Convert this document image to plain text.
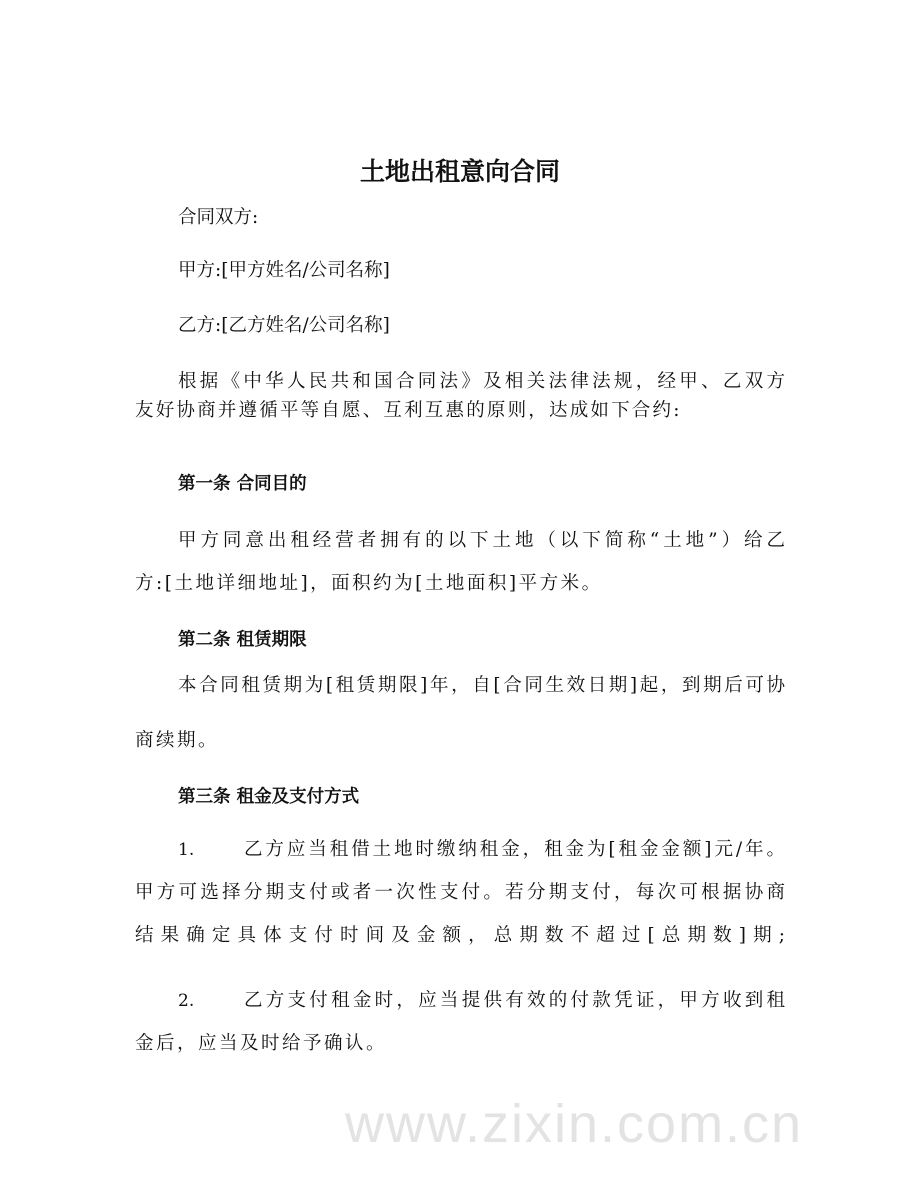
www.zixin.com.cn
土地出租意向合同
合同双方:
甲方:[甲方姓名/公司名称]
乙方:[乙方姓名/公司名称]
根据《中华人民共和国合同法》及相关法律法规，经甲、乙双方
友好协商并遵循平等自愿、互利互惠的原则，达成如下合约:
第一条 合同目的
甲方同意出租经营者拥有的以下土地（以下简称“土地”）给乙
方:[土地详细地址]，面积约为[土地面积]平方米。
第二条 租赁期限
本合同租赁期为[租赁期限]年，自[合同生效日期]起，到期后可协
商续期。
第三条 租金及支付方式
1.	乙方应当租借土地时缴纳租金，租金为[租金金额]元/年。
甲方可选择分期支付或者一次性支付。若分期支付，每次可根据协商
结果确定具体支付时间及金额，总期数不超过[总期数]期;
2.	乙方支付租金时，应当提供有效的付款凭证，甲方收到租
金后，应当及时给予确认。
